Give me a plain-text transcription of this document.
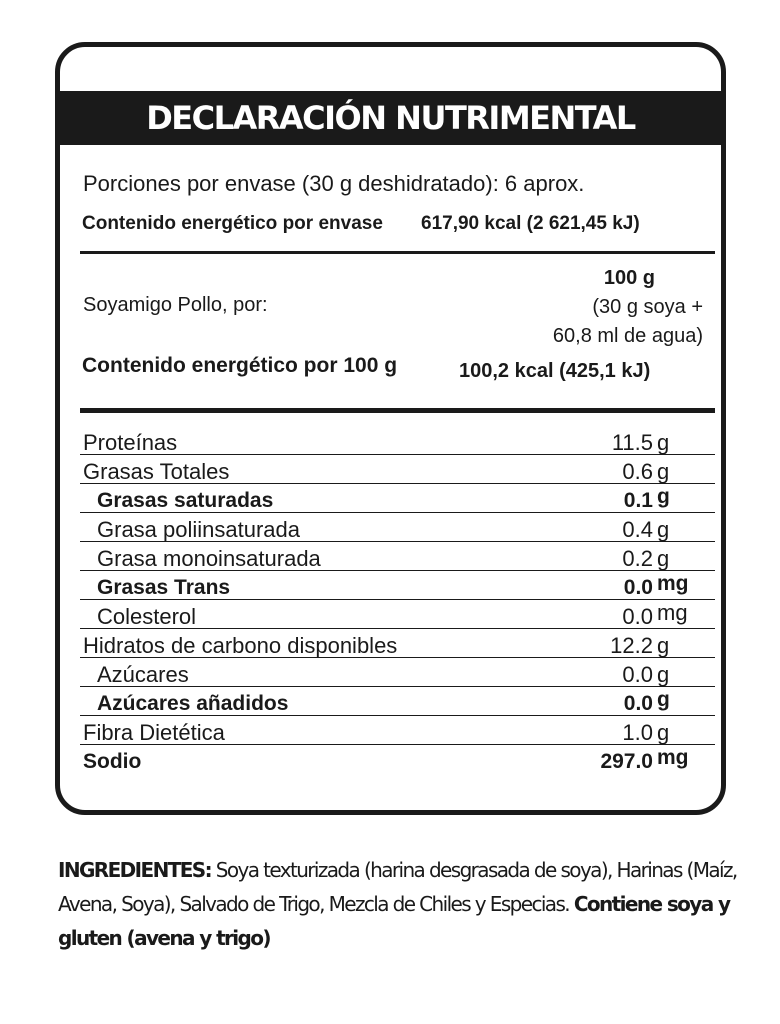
DECLARACIÓN NUTRIMENTAL
Porciones por envase (30 g deshidratado): 6 aprox.
Contenido energético por envase 617,90 kcal (2 621,45 kJ)
Soyamigo Pollo, por:
100 g
(30 g soya +
60,8 ml de agua)
Contenido energético por 100 g	100,2 kcal (425,1 kJ)
Proteínas	11.5 g
Grasas Totales	0.6 g
Grasas saturadas	0.1 g
Grasa poliinsaturada	0.4 g
Grasa monoinsaturada	0.2 g
Grasas Trans	0.0 mg
Colesterol	0.0 mg
Hidratos de carbono disponibles	12.2 g
Azúcares	0.0 g
Azúcares añadidos	0.0 g
Fibra Dietética	1.0 g
Sodio	297.0 mg
INGREDIENTES: Soya texturizada (harina desgrasada de soya), Harinas (Maíz, Avena, Soya), Salvado de Trigo, Mezcla de Chiles y Especias. Contiene soya y gluten (avena y trigo)
